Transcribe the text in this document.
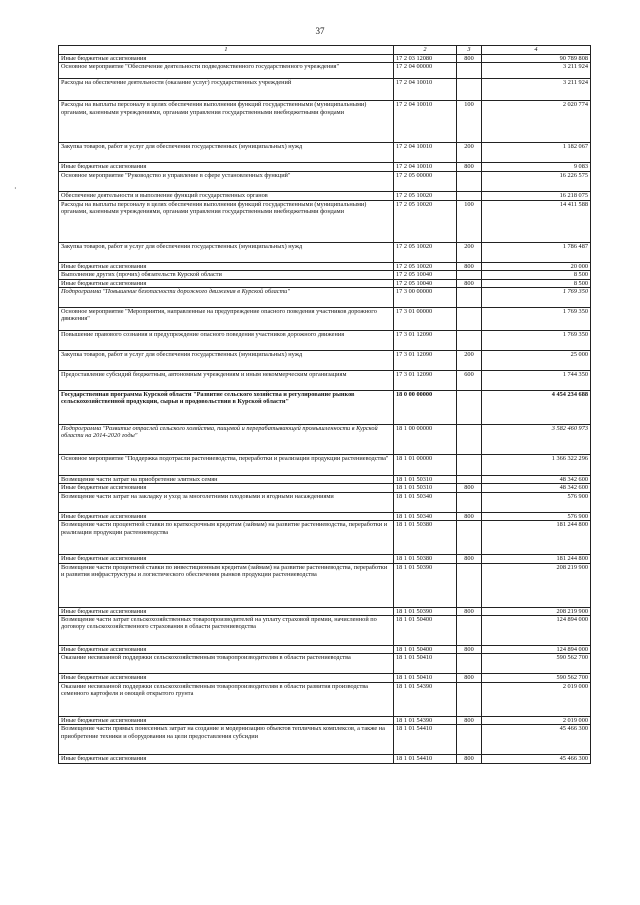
37
·
1	2	3	4
Иные бюджетные ассигнования	17 2 03 12080	800	90 789 808
Основное мероприятие "Обеспечение деятельности подведомственного государственного учреждения"	17 2 04 00000		3 211 924
Расходы на обеспечение деятельности (оказание услуг) государственных учреждений	17 2 04 10010		3 211 924
Расходы на выплаты персоналу в целях обеспечения выполнения функций государственными (муниципальными) органами, казенными учреждениями, органами управления государственными внебюджетными фондами	17 2 04 10010	100	2 020 774
Закупка товаров, работ и услуг для обеспечения государственных (муниципальных) нужд	17 2 04 10010	200	1 182 067
Иные бюджетные ассигнования	17 2 04 10010	800	9 083
Основное мероприятие "Руководство и управление в сфере установленных функций"	17 2 05 00000		16 226 575
Обеспечение деятельности и выполнение функций государственных органов	17 2 05 10020		16 218 075
Расходы на выплаты персоналу в целях обеспечения выполнения функций государственными (муниципальными) органами, казенными учреждениями, органами управления государственными внебюджетными фондами	17 2 05 10020	100	14 411 588
Закупка товаров, работ и услуг для обеспечения государственных (муниципальных) нужд	17 2 05 10020	200	1 786 487
Иные бюджетные ассигнования	17 2 05 10020	800	20 000
Выполнение других (прочих) обязательств Курской области	17 2 05 10040		8 500
Иные бюджетные ассигнования	17 2 05 10040	800	8 500
Подпрограмма "Повышение безопасности дорожного движения в Курской области"	17 3 00 00000		1 769 350
Основное мероприятие "Мероприятия, направленные на предупреждение опасного поведения участников дорожного движения"	17 3 01 00000		1 769 350
Повышение правового сознания и предупреждение опасного поведения участников дорожного движения	17 3 01 12090		1 769 350
Закупка товаров, работ и услуг для обеспечения государственных (муниципальных) нужд	17 3 01 12090	200	25 000
Предоставление субсидий бюджетным, автономным учреждениям и иным некоммерческим организациям	17 3 01 12090	600	1 744 350
Государственная программа Курской области "Развитие сельского хозяйства и регулирование рынков сельскохозяйственной продукции, сырья и продовольствия в Курской области"	18 0 00 00000		4 454 234 688
Подпрограмма "Развитие отраслей сельского хозяйства, пищевой и перерабатывающей промышленности в Курской области на 2014-2020 годы"	18 1 00 00000		3 582 460 973
Основное мероприятие "Поддержка подотрасли растениеводства, переработки и реализации продукции растениеводства"	18 1 01 00000		1 366 322 296
Возмещение части затрат на приобретение элитных семян	18 1 01 50310		48 342 600
Иные бюджетные ассигнования	18 1 01 50310	800	48 342 600
Возмещение части затрат на закладку и уход за многолетними плодовыми и ягодными насаждениями	18 1 01 50340		576 900
Иные бюджетные ассигнования	18 1 01 50340	800	576 900
Возмещение части процентной ставки по краткосрочным кредитам (займам) на развитие растениеводства, переработки и реализации продукции растениеводства	18 1 01 50380		181 244 800
Иные бюджетные ассигнования	18 1 01 50380	800	181 244 800
Возмещение части процентной ставки по инвестиционным кредитам (займам) на развитие растениеводства, переработки и развития инфраструктуры и логистического обеспечения рынков продукции растениеводства	18 1 01 50390		208 219 900
Иные бюджетные ассигнования	18 1 01 50390	800	208 219 900
Возмещение части затрат сельскохозяйственных товаропроизводителей на уплату страховой премии, начисленной по договору сельскохозяйственного страхования в области растениеводства	18 1 01 50400		124 894 000
Иные бюджетные ассигнования	18 1 01 50400	800	124 894 000
Оказание несвязанной поддержки сельскохозяйственным товаропроизводителям в области растениеводства	18 1 01 50410		590 562 700
Иные бюджетные ассигнования	18 1 01 50410	800	590 562 700
Оказание несвязанной поддержки сельскохозяйственным товаропроизводителям в области развития производства семенного картофеля и овощей открытого грунта	18 1 01 54390		2 019 000
Иные бюджетные ассигнования	18 1 01 54390	800	2 019 000
Возмещение части прямых понесенных затрат на создание и модернизацию объектов тепличных комплексов, а также на приобретение техники и оборудования на цели предоставления субсидии	18 1 01 54410		45 466 300
Иные бюджетные ассигнования	18 1 01 54410	800	45 466 300
